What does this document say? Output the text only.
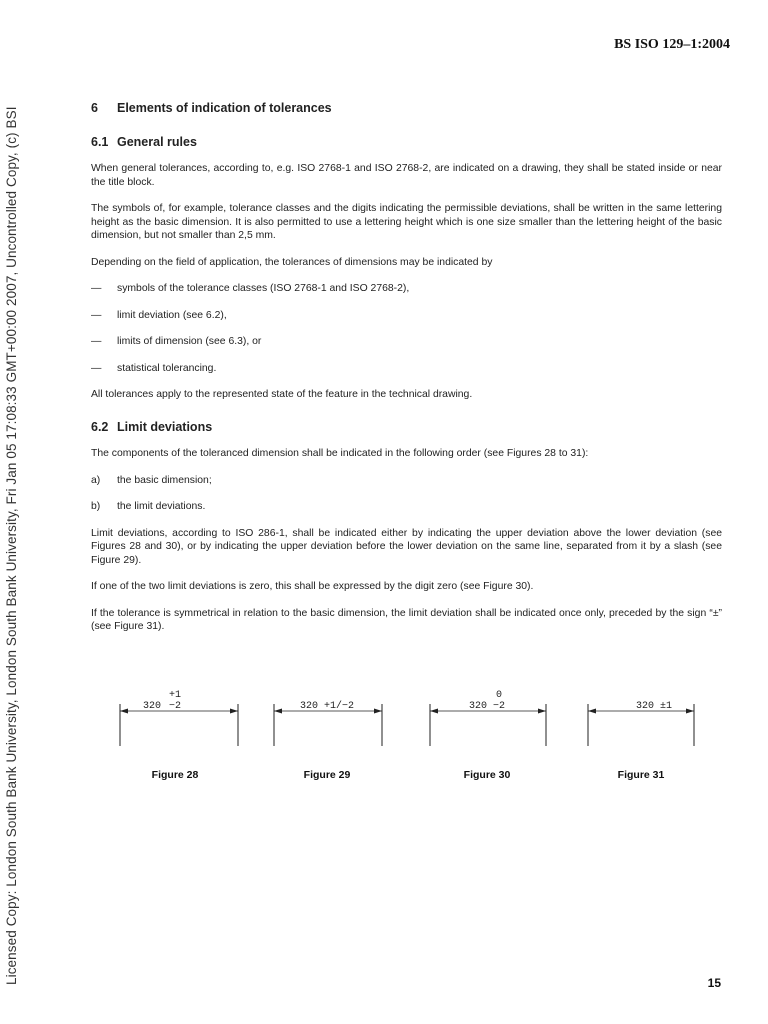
Licensed Copy: London South Bank University, London South Bank University, Fri Jan 05 17:08:33 GMT+00:00 2007, Uncontrolled Copy, (c) BSI
BS ISO 129–1:2004
6 Elements of indication of tolerances
6.1 General rules

When general tolerances, according to, e.g. ISO 2768-1 and ISO 2768-2, are indicated on a drawing, they shall be stated inside or near the title block.

The symbols of, for example, tolerance classes and the digits indicating the permissible deviations, shall be written in the same lettering height as the basic dimension. It is also permitted to use a lettering height which is one size smaller than the lettering height of the basic dimension, but not smaller than 2,5 mm.

Depending on the field of application, the tolerances of dimensions may be indicated by

—	symbols of the tolerance classes (ISO 2768-1 and ISO 2768-2),
—	limit deviation (see 6.2),
—	limits of dimension (see 6.3), or
—	statistical tolerancing.

All tolerances apply to the represented state of the feature in the technical drawing.

6.2 Limit deviations

The components of the toleranced dimension shall be indicated in the following order (see Figures 28 to 31):

a)	the basic dimension;
b)	the limit deviations.

Limit deviations, according to ISO 286-1, shall be indicated either by indicating the upper deviation above the lower deviation (see Figures 28 and 30), or by indicating the upper deviation before the lower deviation on the same line, separated from it by a slash (see Figure 29).

If one of the two limit deviations is zero, this shall be expressed by the digit zero (see Figure 30).

If the tolerance is symmetrical in relation to the basic dimension, the limit deviation shall be indicated once only, preceded by the sign “±” (see Figure 31).

320
+1
−2
Figure 28
320 +1/−2
Figure 29
320
0
−2
Figure 30
320 ±1
Figure 31
15
